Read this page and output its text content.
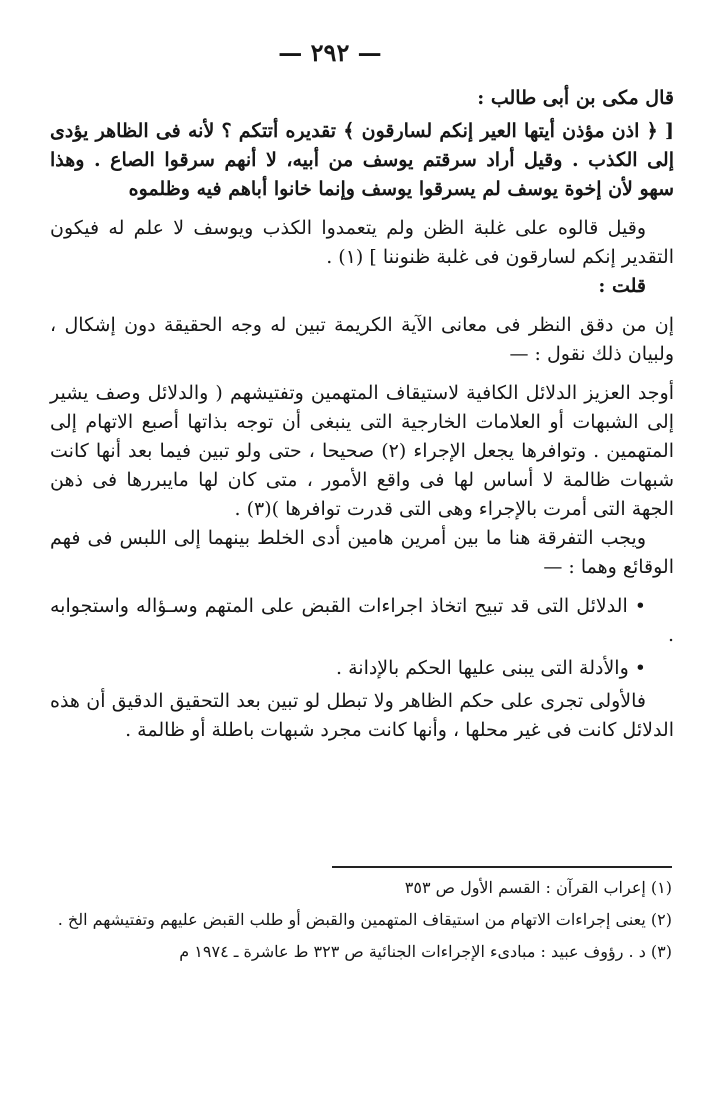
— ٢٩٢ —

قال مكى بن أبى طالب :

[ ﴿ اذن مؤذن أيتها العير إنكم لسارقون ﴾ تقديره أتتكم ؟ لأنه فى الظاهر يؤدى إلى الكذب . وقيل أراد سرقتم يوسف من أبيه، لا أنهم سرقوا الصاع . وهذا سهو لأن إخوة يوسف لم يسرقوا يوسف وإنما خانوا أباهم فيه وظلموه

وقيل قالوه على غلبة الظن ولم يتعمدوا الكذب ويوسف لا علم له فيكون التقدير إنكم لسارقون فى غلبة ظنوننا ] (١) .

قلت :

إن من دقق النظر فى معانى الآية الكريمة تبين له وجه الحقيقة دون إشكال ، ولبيان ذلك نقول : —

أوجد العزيز الدلائل الكافية لاستيقاف المتهمين وتفتيشهم ( والدلائل وصف يشير إلى الشبهات أو العلامات الخارجية التى ينبغى أن توجه بذاتها أصبع الاتهام إلى المتهمين . وتوافرها يجعل الإجراء (٢) صحيحا ، حتى ولو تبين فيما بعد أنها كانت شبهات ظالمة لا أساس لها فى واقع الأمور ، متى كان لها مايبررها فى ذهن الجهة التى أمرت بالإجراء وهى التى قدرت توافرها )(٣) .

ويجب التفرقة هنا ما بين أمرين هامين أدى الخلط بينهما إلى اللبس فى فهم الوقائع وهما : —

• الدلائل التى قد تبيح اتخاذ اجراءات القبض على المتهم وسـؤاله واستجوابه .

• والأدلة التى يبنى عليها الحكم بالإدانة .

فالأولى تجرى على حكم الظاهر ولا تبطل لو تبين بعد التحقيق الدقيق أن هذه الدلائل كانت فى غير محلها ، وأنها كانت مجرد شبهات باطلة أو ظالمة .

(١) إعراب القرآن : القسم الأول ص ٣٥٣

(٢) يعنى إجراءات الاتهام من استيقاف المتهمين والقبض أو طلب القبض عليهم وتفتيشهم الخ .

(٣) د . رؤوف عبيد : مبادىء الإجراءات الجنائية ص ٣٢٣ ط عاشرة ـ ١٩٧٤ م
